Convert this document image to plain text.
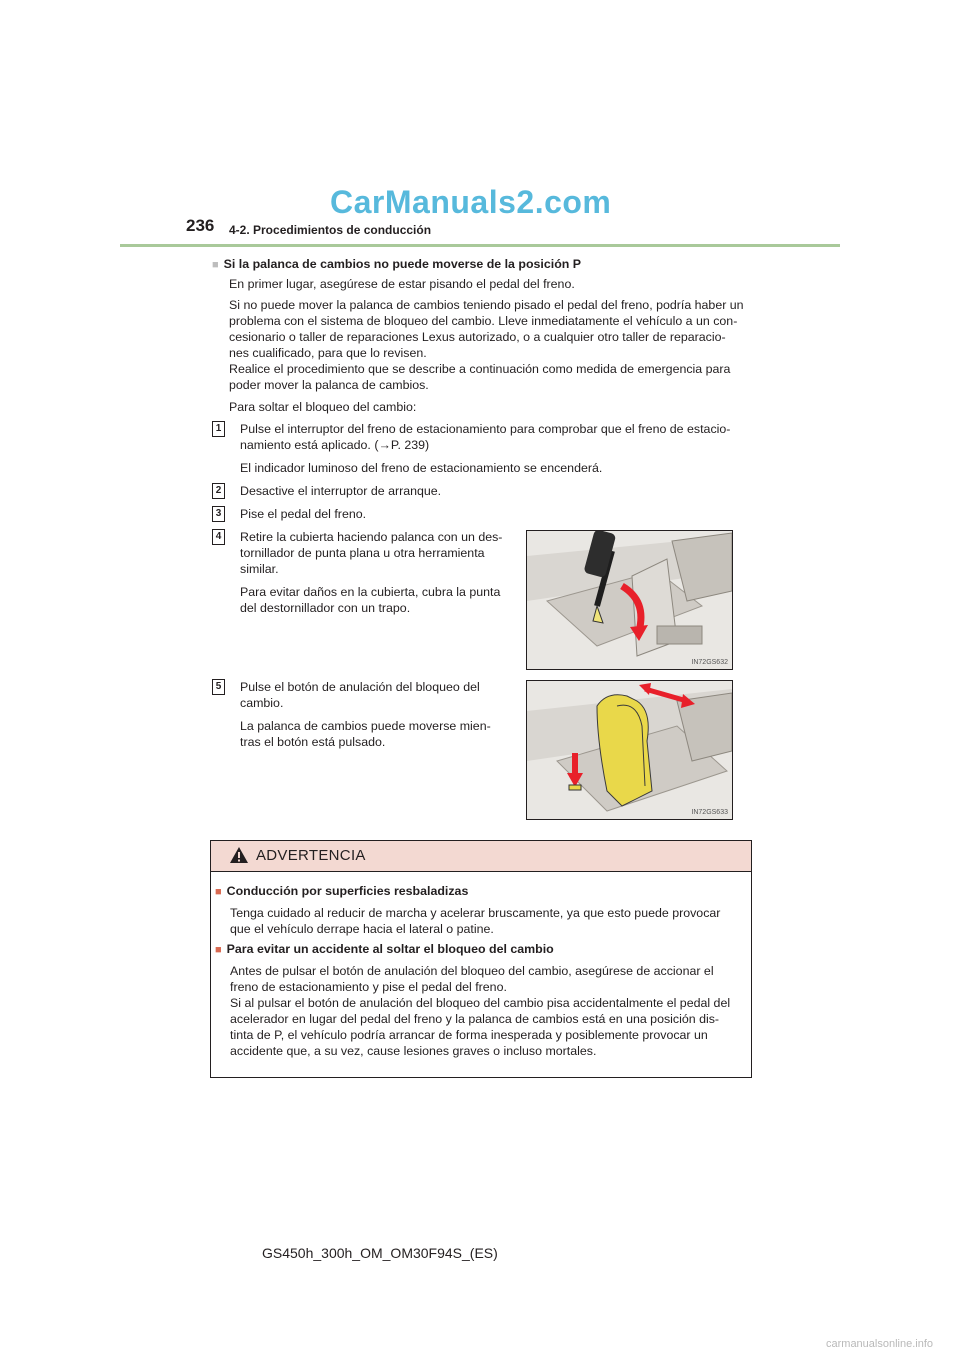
CarManuals2.com
236 4-2. Procedimientos de conducción
■ Si la palanca de cambios no puede moverse de la posición P
En primer lugar, asegúrese de estar pisando el pedal del freno.
Si no puede mover la palanca de cambios teniendo pisado el pedal del freno, podría haber un
problema con el sistema de bloqueo del cambio. Lleve inmediatamente el vehículo a un con-
cesionario o taller de reparaciones Lexus autorizado, o a cualquier otro taller de reparacio-
nes cualificado, para que lo revisen.
Realice el procedimiento que se describe a continuación como medida de emergencia para
poder mover la palanca de cambios.
Para soltar el bloqueo del cambio:
1 Pulse el interruptor del freno de estacionamiento para comprobar que el freno de estacio-
namiento está aplicado. (→P. 239)
El indicador luminoso del freno de estacionamiento se encenderá.
2 Desactive el interruptor de arranque.
3 Pise el pedal del freno.
4 Retire la cubierta haciendo palanca con un des-
tornillador de punta plana u otra herramienta
similar.
Para evitar daños en la cubierta, cubra la punta
del destornillador con un trapo.
IN72GS632
5 Pulse el botón de anulación del bloqueo del
cambio.
La palanca de cambios puede moverse mien-
tras el botón está pulsado.
IN72GS633
ADVERTENCIA
■ Conducción por superficies resbaladizas
Tenga cuidado al reducir de marcha y acelerar bruscamente, ya que esto puede provocar
que el vehículo derrape hacia el lateral o patine.
■ Para evitar un accidente al soltar el bloqueo del cambio
Antes de pulsar el botón de anulación del bloqueo del cambio, asegúrese de accionar el
freno de estacionamiento y pise el pedal del freno.
Si al pulsar el botón de anulación del bloqueo del cambio pisa accidentalmente el pedal del
acelerador en lugar del pedal del freno y la palanca de cambios está en una posición dis-
tinta de P, el vehículo podría arrancar de forma inesperada y posiblemente provocar un
accidente que, a su vez, cause lesiones graves o incluso mortales.
GS450h_300h_OM_OM30F94S_(ES)
carmanualsonline.info
